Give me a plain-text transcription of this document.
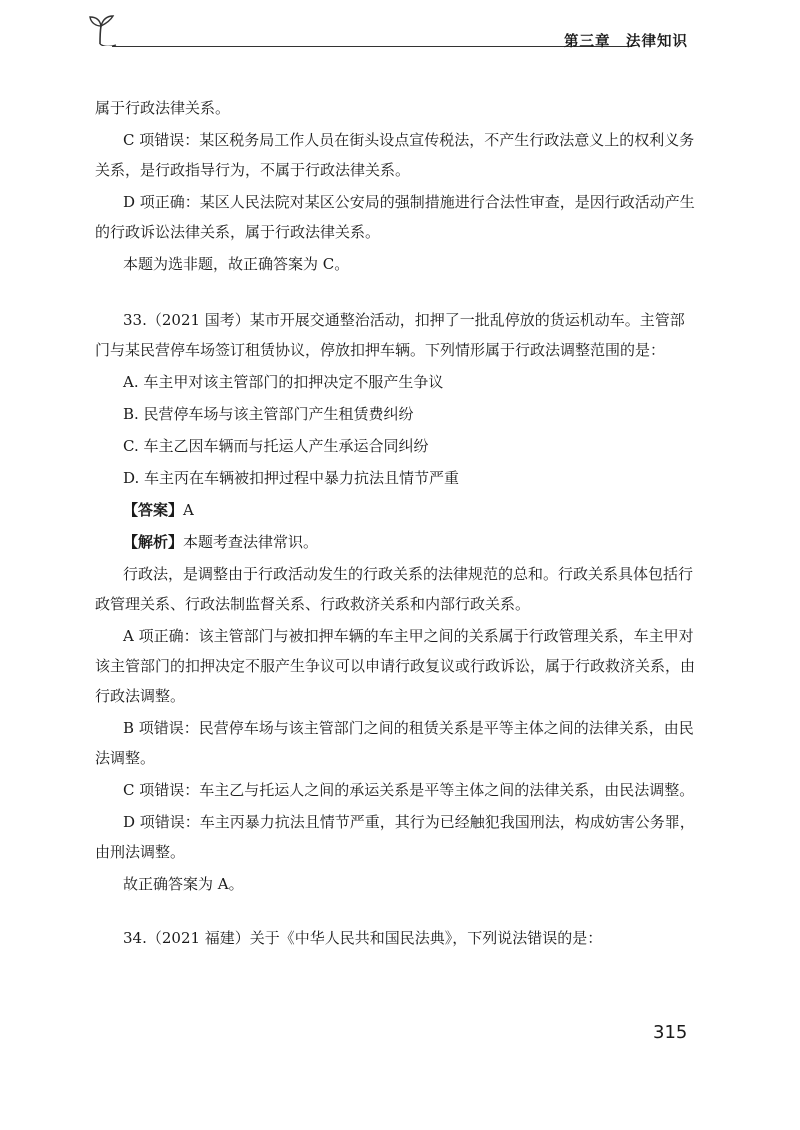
第三章　法律知识

属于行政法律关系。

C 项错误：某区税务局工作人员在街头设点宣传税法，不产生行政法意义上的权利义务关系，是行政指导行为，不属于行政法律关系。

D 项正确：某区人民法院对某区公安局的强制措施进行合法性审查，是因行政活动产生的行政诉讼法律关系，属于行政法律关系。

本题为选非题，故正确答案为 C。

33.（2021 国考）某市开展交通整治活动，扣押了一批乱停放的货运机动车。主管部门与某民营停车场签订租赁协议，停放扣押车辆。下列情形属于行政法调整范围的是：

A. 车主甲对该主管部门的扣押决定不服产生争议

B. 民营停车场与该主管部门产生租赁费纠纷

C. 车主乙因车辆而与托运人产生承运合同纠纷

D. 车主丙在车辆被扣押过程中暴力抗法且情节严重

【答案】A

【解析】本题考查法律常识。

行政法，是调整由于行政活动发生的行政关系的法律规范的总和。行政关系具体包括行政管理关系、行政法制监督关系、行政救济关系和内部行政关系。

A 项正确：该主管部门与被扣押车辆的车主甲之间的关系属于行政管理关系，车主甲对该主管部门的扣押决定不服产生争议可以申请行政复议或行政诉讼，属于行政救济关系，由行政法调整。

B 项错误：民营停车场与该主管部门之间的租赁关系是平等主体之间的法律关系，由民法调整。

C 项错误：车主乙与托运人之间的承运关系是平等主体之间的法律关系，由民法调整。

D 项错误：车主丙暴力抗法且情节严重，其行为已经触犯我国刑法，构成妨害公务罪，由刑法调整。

故正确答案为 A。

34.（2021 福建）关于《中华人民共和国民法典》，下列说法错误的是：

315
